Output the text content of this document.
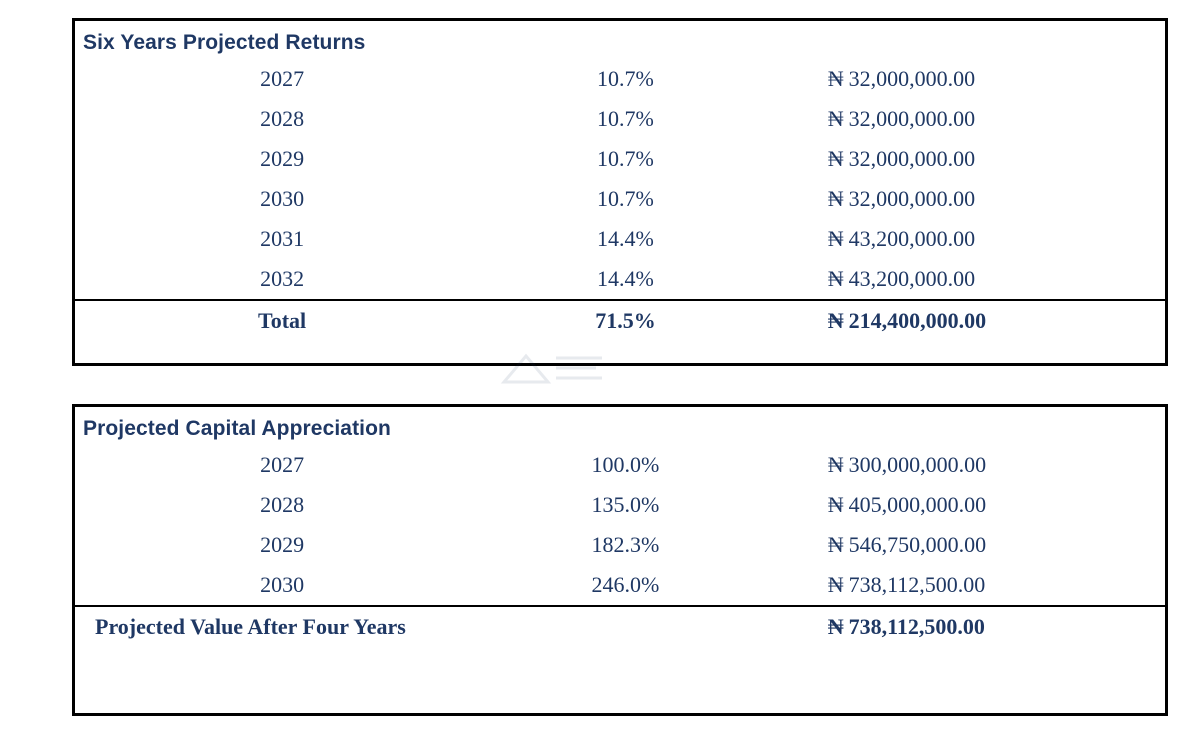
Six Years Projected Returns
2027	10.7%	₦ 32,000,000.00
2028	10.7%	₦ 32,000,000.00
2029	10.7%	₦ 32,000,000.00
2030	10.7%	₦ 32,000,000.00
2031	14.4%	₦ 43,200,000.00
2032	14.4%	₦ 43,200,000.00
Total	71.5%	₦ 214,400,000.00
Projected Capital Appreciation
2027	100.0%	₦ 300,000,000.00
2028	135.0%	₦ 405,000,000.00
2029	182.3%	₦ 546,750,000.00
2030	246.0%	₦ 738,112,500.00
Projected Value After Four Years		₦ 738,112,500.00
